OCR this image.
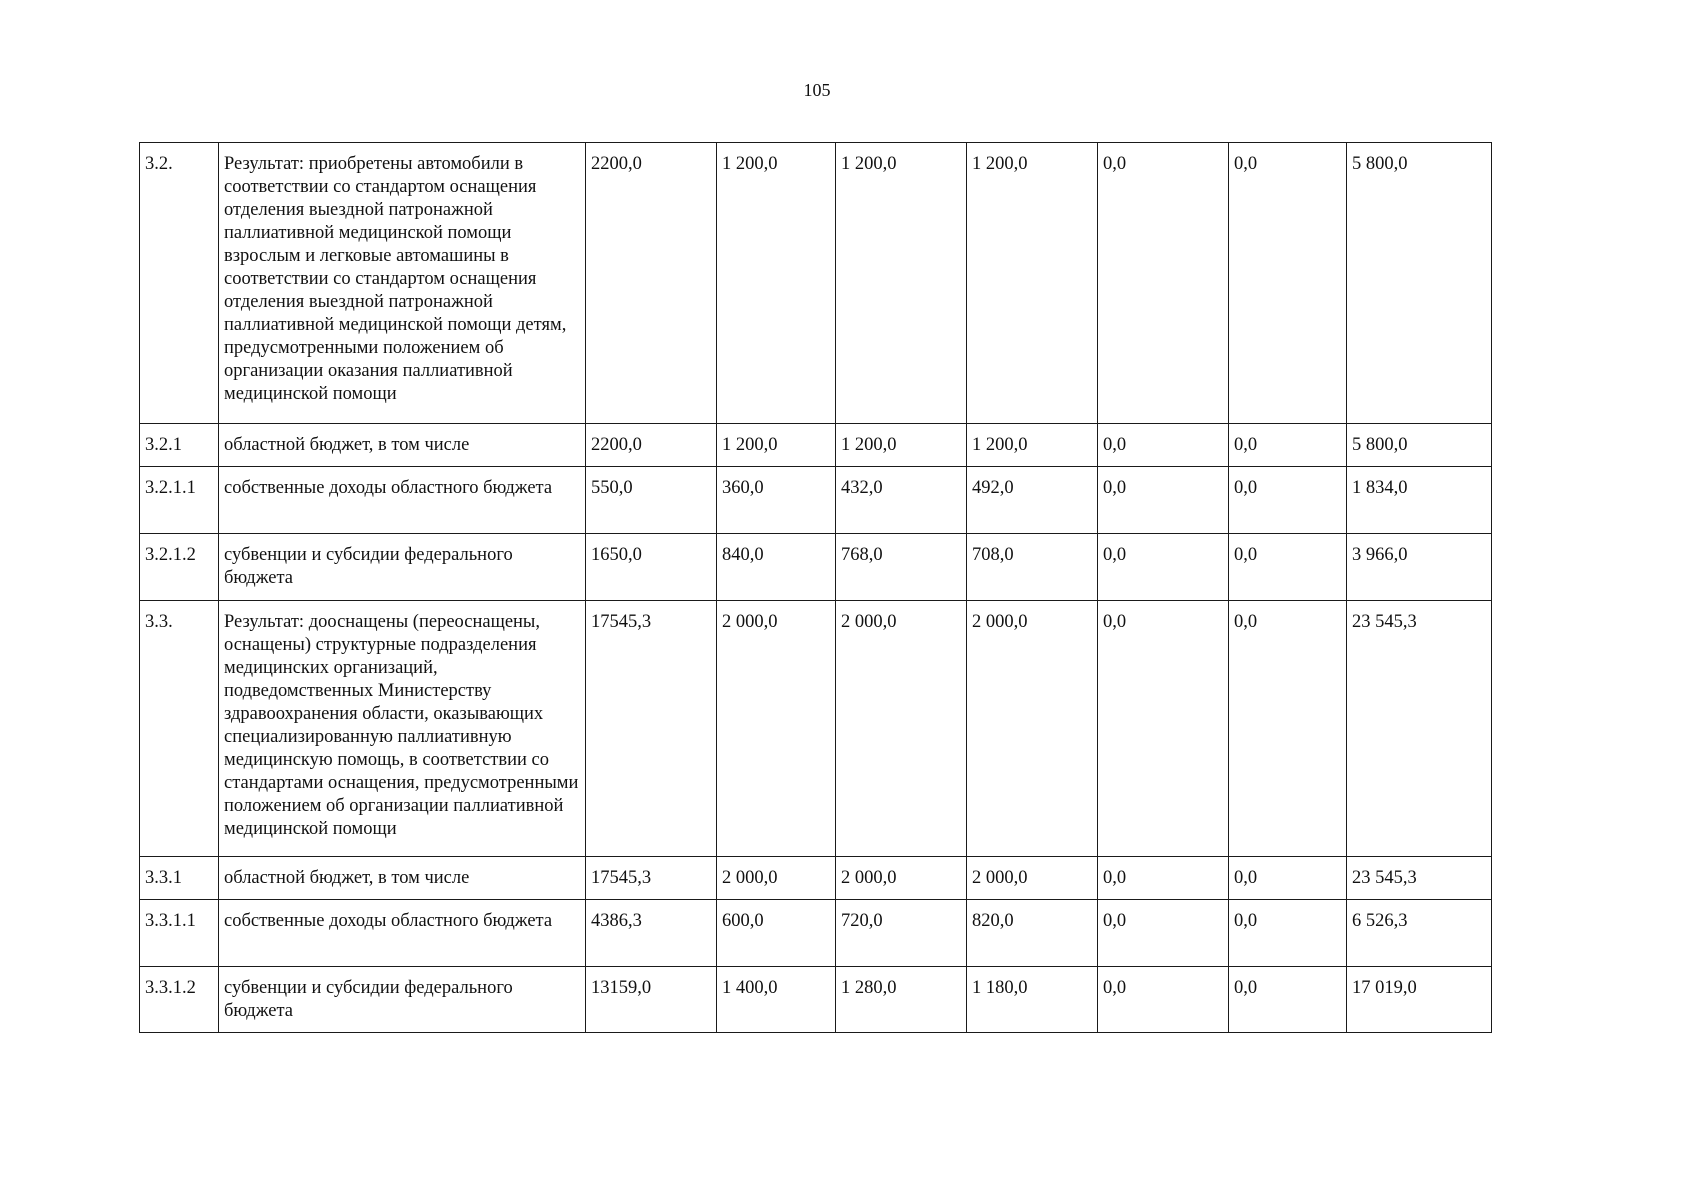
105
3.2.	Результат: приобретены автомобили в соответствии со стандартом оснащения отделения выездной патронажной паллиативной медицинской помощи взрослым и легковые автомашины в соответствии со стандартом оснащения отделения выездной патронажной паллиативной медицинской помощи детям, предусмотренными положением об организации оказания паллиативной медицинской помощи	2200,0	1 200,0	1 200,0	1 200,0	0,0	0,0	5 800,0
3.2.1	областной бюджет, в том числе	2200,0	1 200,0	1 200,0	1 200,0	0,0	0,0	5 800,0
3.2.1.1	собственные доходы областного бюджета	550,0	360,0	432,0	492,0	0,0	0,0	1 834,0
3.2.1.2	субвенции и субсидии федерального бюджета	1650,0	840,0	768,0	708,0	0,0	0,0	3 966,0
3.3.	Результат: дооснащены (переоснащены, оснащены) структурные подразделения медицинских организаций, подведомственных Министерству здравоохранения области, оказывающих специализированную паллиативную медицинскую помощь, в соответствии со стандартами оснащения, предусмотренными положением об организации паллиативной медицинской помощи	17545,3	2 000,0	2 000,0	2 000,0	0,0	0,0	23 545,3
3.3.1	областной бюджет, в том числе	17545,3	2 000,0	2 000,0	2 000,0	0,0	0,0	23 545,3
3.3.1.1	собственные доходы областного бюджета	4386,3	600,0	720,0	820,0	0,0	0,0	6 526,3
3.3.1.2	субвенции и субсидии федерального бюджета	13159,0	1 400,0	1 280,0	1 180,0	0,0	0,0	17 019,0
